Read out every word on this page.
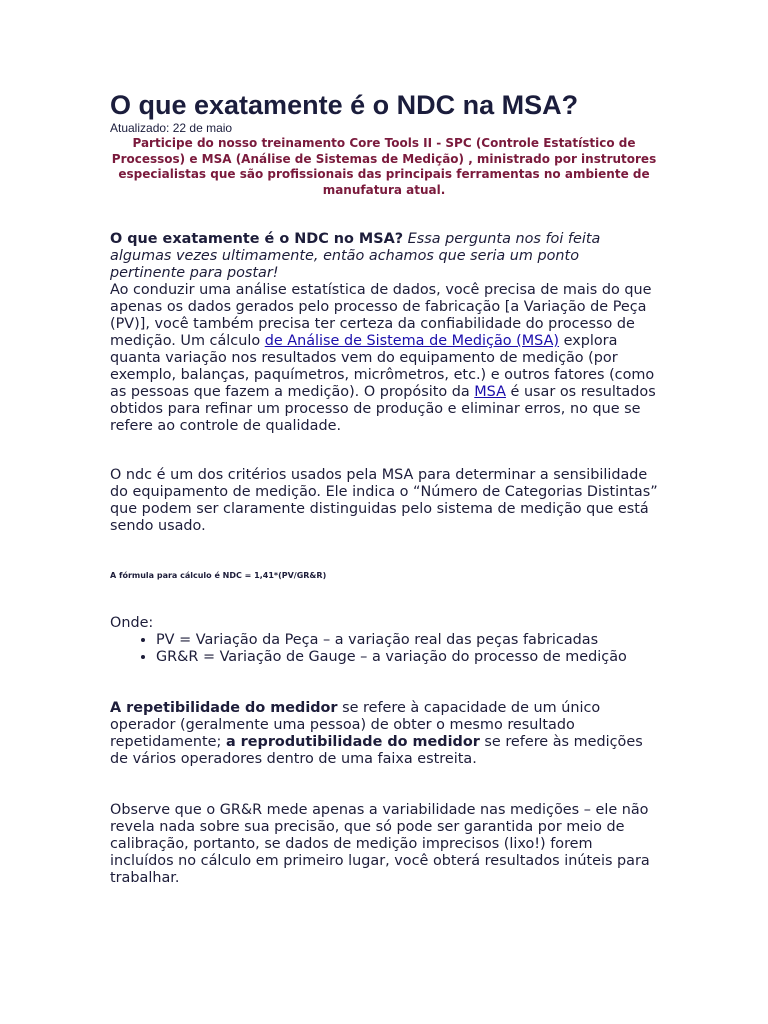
O que exatamente é o NDC na MSA?
Atualizado: 22 de maio
Participe do nosso treinamento Core Tools II - SPC (Controle Estatístico de Processos) e MSA (Análise de Sistemas de Medição) , ministrado por instrutores especialistas que são profissionais das principais ferramentas no ambiente de manufatura atual.

O que exatamente é o NDC no MSA? Essa pergunta nos foi feita algumas vezes ultimamente, então achamos que seria um ponto pertinente para postar!
Ao conduzir uma análise estatística de dados, você precisa de mais do que apenas os dados gerados pelo processo de fabricação [a Variação de Peça (PV)], você também precisa ter certeza da confiabilidade do processo de medição. Um cálculo de Análise de Sistema de Medição (MSA) explora quanta variação nos resultados vem do equipamento de medição (por exemplo, balanças, paquímetros, micrômetros, etc.) e outros fatores (como as pessoas que fazem a medição). O propósito da MSA é usar os resultados obtidos para refinar um processo de produção e eliminar erros, no que se refere ao controle de qualidade.

O ndc é um dos critérios usados pela MSA para determinar a sensibilidade do equipamento de medição. Ele indica o “Número de Categorias Distintas” que podem ser claramente distinguidas pelo sistema de medição que está sendo usado.

A fórmula para cálculo é NDC = 1,41*(PV/GR&R)

Onde:

• PV = Variação da Peça – a variação real das peças fabricadas
• GR&R = Variação de Gauge – a variação do processo de medição

A repetibilidade do medidor se refere à capacidade de um único operador (geralmente uma pessoa) de obter o mesmo resultado repetidamente; a reprodutibilidade do medidor se refere às medições de vários operadores dentro de uma faixa estreita.

Observe que o GR&R mede apenas a variabilidade nas medições – ele não revela nada sobre sua precisão, que só pode ser garantida por meio de calibração, portanto, se dados de medição imprecisos (lixo!) forem incluídos no cálculo em primeiro lugar, você obterá resultados inúteis para trabalhar.
